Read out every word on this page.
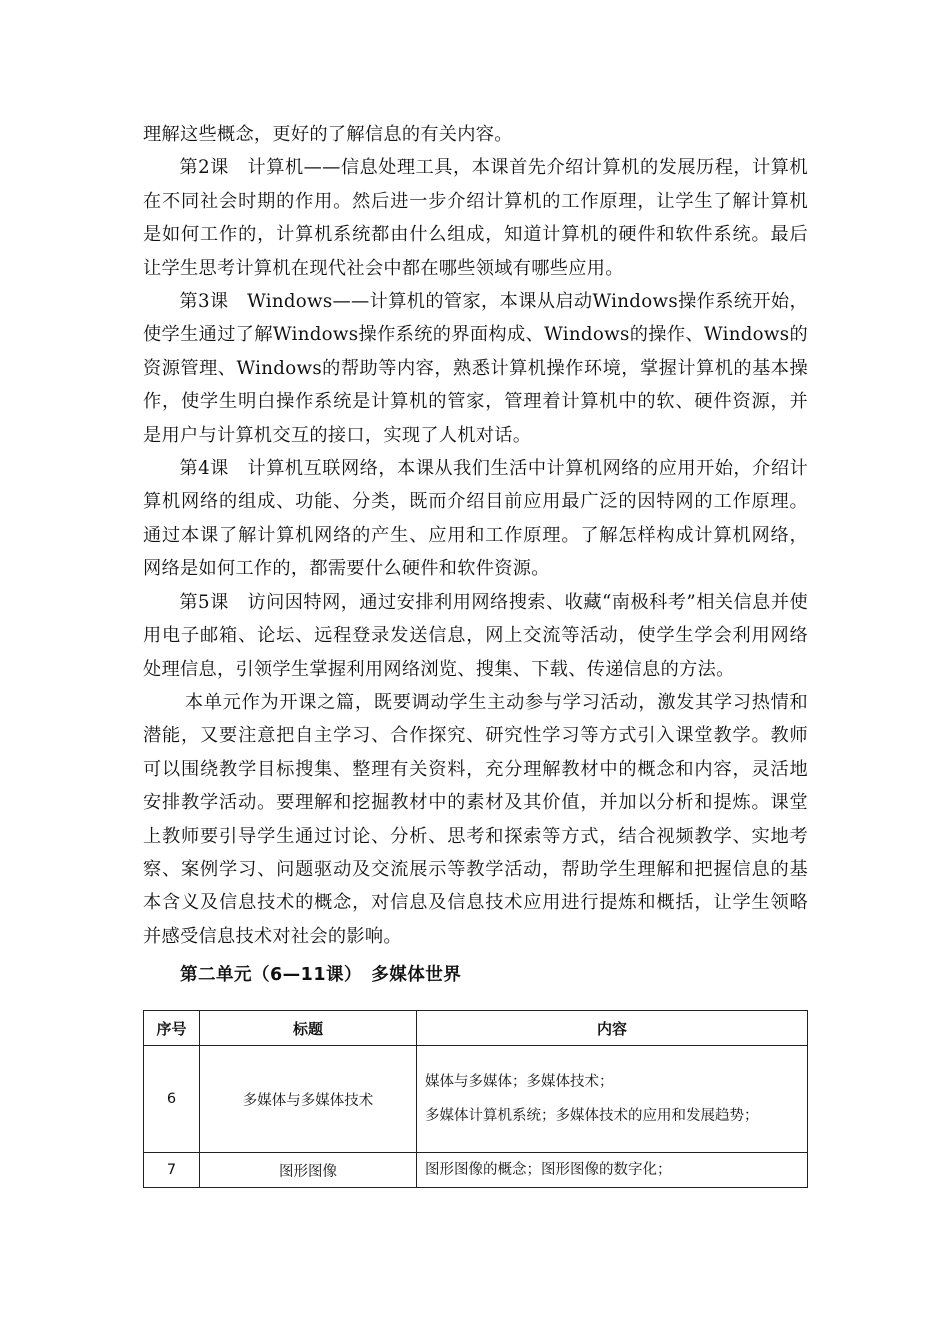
理解这些概念，更好的了解信息的有关内容。

第2课　计算机——信息处理工具，本课首先介绍计算机的发展历程，计算机在不同社会时期的作用。然后进一步介绍计算机的工作原理，让学生了解计算机是如何工作的，计算机系统都由什么组成，知道计算机的硬件和软件系统。最后让学生思考计算机在现代社会中都在哪些领域有哪些应用。

第3课　Windows——计算机的管家，本课从启动Windows操作系统开始，使学生通过了解Windows操作系统的界面构成、Windows的操作、Windows的资源管理、Windows的帮助等内容，熟悉计算机操作环境，掌握计算机的基本操作，使学生明白操作系统是计算机的管家，管理着计算机中的软、硬件资源，并是用户与计算机交互的接口，实现了人机对话。

第4课　计算机互联网络，本课从我们生活中计算机网络的应用开始，介绍计算机网络的组成、功能、分类，既而介绍目前应用最广泛的因特网的工作原理。通过本课了解计算机网络的产生、应用和工作原理。了解怎样构成计算机网络，网络是如何工作的，都需要什么硬件和软件资源。

第5课　访问因特网，通过安排利用网络搜索、收藏“南极科考”相关信息并使用电子邮箱、论坛、远程登录发送信息，网上交流等活动，使学生学会利用网络处理信息，引领学生掌握利用网络浏览、搜集、下载、传递信息的方法。

本单元作为开课之篇，既要调动学生主动参与学习活动，激发其学习热情和潜能，又要注意把自主学习、合作探究、研究性学习等方式引入课堂教学。教师可以围绕教学目标搜集、整理有关资料，充分理解教材中的概念和内容，灵活地安排教学活动。要理解和挖掘教材中的素材及其价值，并加以分析和提炼。课堂上教师要引导学生通过讨论、分析、思考和探索等方式，结合视频教学、实地考察、案例学习、问题驱动及交流展示等教学活动，帮助学生理解和把握信息的基本含义及信息技术的概念，对信息及信息技术应用进行提炼和概括，让学生领略并感受信息技术对社会的影响。

第二单元（6—11课）　多媒体世界
序号	标题	内容
6	多媒体与多媒体技术	媒体与多媒体；多媒体技术；
多媒体计算机系统；多媒体技术的应用和发展趋势；

7	图形图像	图形图像的概念；图形图像的数字化；
